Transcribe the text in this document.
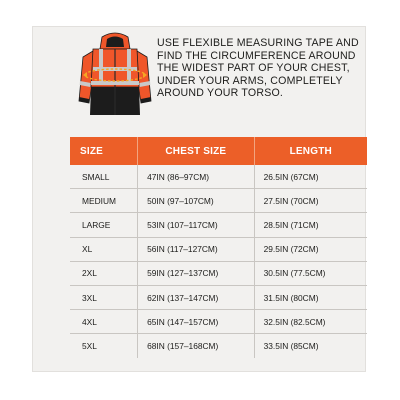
USE FLEXIBLE MEASURING TAPE AND FIND THE CIRCUMFERENCE AROUND THE WIDEST PART OF YOUR CHEST, UNDER YOUR ARMS, COMPLETELY AROUND YOUR TORSO.

SIZE	CHEST SIZE	LENGTH
SMALL	47IN (86–97CM)	26.5IN (67CM)
MEDIUM	50IN (97–107CM)	27.5IN (70CM)
LARGE	53IN (107–117CM)	28.5IN (71CM)
XL	56IN (117–127CM)	29.5IN (72CM)
2XL	59IN (127–137CM)	30.5IN (77.5CM)
3XL	62IN (137–147CM)	31.5IN (80CM)
4XL	65IN (147–157CM)	32.5IN (82.5CM)
5XL	68IN (157–168CM)	33.5IN (85CM)
